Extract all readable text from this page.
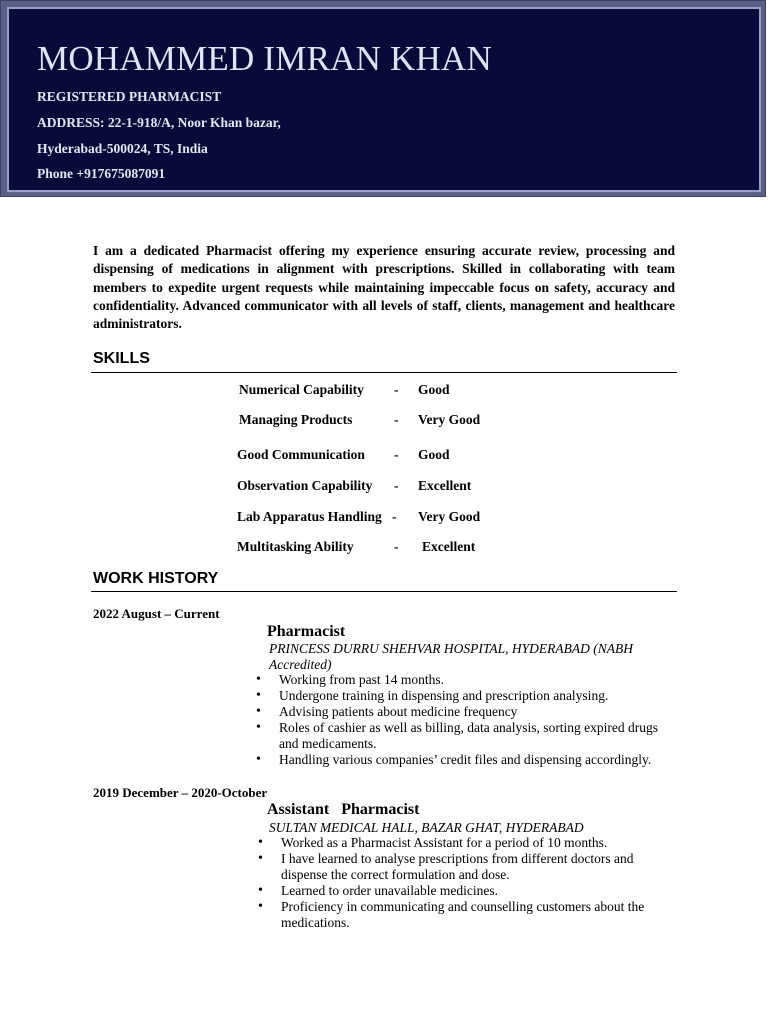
MOHAMMED IMRAN KHAN

REGISTERED PHARMACIST

ADDRESS: 22-1-918/A, Noor Khan bazar,

Hyderabad-500024, TS, India

Phone +917675087091

I am a dedicated Pharmacist offering my experience ensuring accurate review, processing and dispensing of medications in alignment with prescriptions. Skilled in collaborating with team members to expedite urgent requests while maintaining impeccable focus on safety, accuracy and confidentiality. Advanced communicator with all levels of staff, clients, management and healthcare administrators.

SKILLS
Numerical Capability - Good
Managing Products	- Very Good
Good Communication - Good
Observation Capability - Excellent
Lab Apparatus Handling - Very Good
Multitasking Ability	- Excellent
WORK HISTORY

2022 August – Current

Pharmacist

PRINCESS DURRU SHEHVAR HOSPITAL, HYDERABAD (NABH Accredited)

• Working from past 14 months.
• Undergone training in dispensing and prescription analysing.
• Advising patients about medicine frequency
• Roles of cashier as well as billing, data analysis, sorting expired drugs and medicaments.
• Handling various companies’ credit files and dispensing accordingly.

2019 December – 2020-October

Assistant   Pharmacist

SULTAN MEDICAL HALL, BAZAR GHAT, HYDERABAD

• Worked as a Pharmacist Assistant for a period of 10 months.
• I have learned to analyse prescriptions from different doctors and dispense the correct formulation and dose.
• Learned to order unavailable medicines.
• Proficiency in communicating and counselling customers about the medications.
